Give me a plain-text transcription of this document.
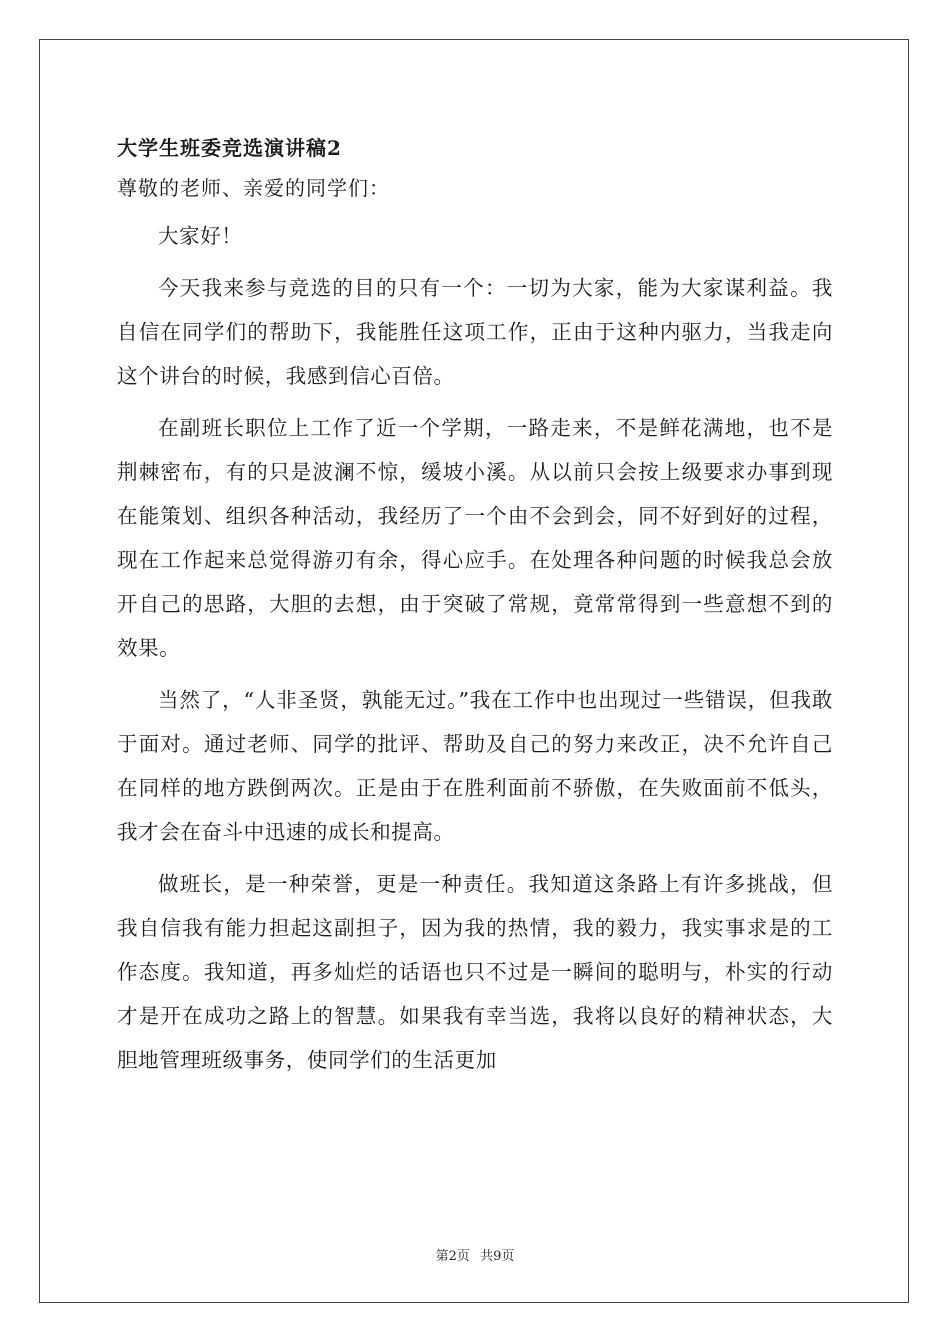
大学生班委竞选演讲稿2

尊敬的老师、亲爱的同学们：

大家好！

今天我来参与竞选的目的只有一个：一切为大家，能为大家谋利益。我自信在同学们的帮助下，我能胜任这项工作，正由于这种内驱力，当我走向这个讲台的时候，我感到信心百倍。

在副班长职位上工作了近一个学期，一路走来，不是鲜花满地，也不是荆棘密布，有的只是波澜不惊，缓坡小溪。从以前只会按上级要求办事到现在能策划、组织各种活动，我经历了一个由不会到会，同不好到好的过程，现在工作起来总觉得游刃有余，得心应手。在处理各种问题的时候我总会放开自己的思路，大胆的去想，由于突破了常规，竟常常得到一些意想不到的效果。

当然了，“人非圣贤，孰能无过。”我在工作中也出现过一些错误，但我敢于面对。通过老师、同学的批评、帮助及自己的努力来改正，决不允许自己在同样的地方跌倒两次。正是由于在胜利面前不骄傲，在失败面前不低头，我才会在奋斗中迅速的成长和提高。

做班长，是一种荣誉，更是一种责任。我知道这条路上有许多挑战，但我自信我有能力担起这副担子，因为我的热情，我的毅力，我实事求是的工作态度。我知道，再多灿烂的话语也只不过是一瞬间的聪明与，朴实的行动才是开在成功之路上的智慧。如果我有幸当选，我将以良好的精神状态，大胆地管理班级事务，使同学们的生活更加

第2页 共9页
